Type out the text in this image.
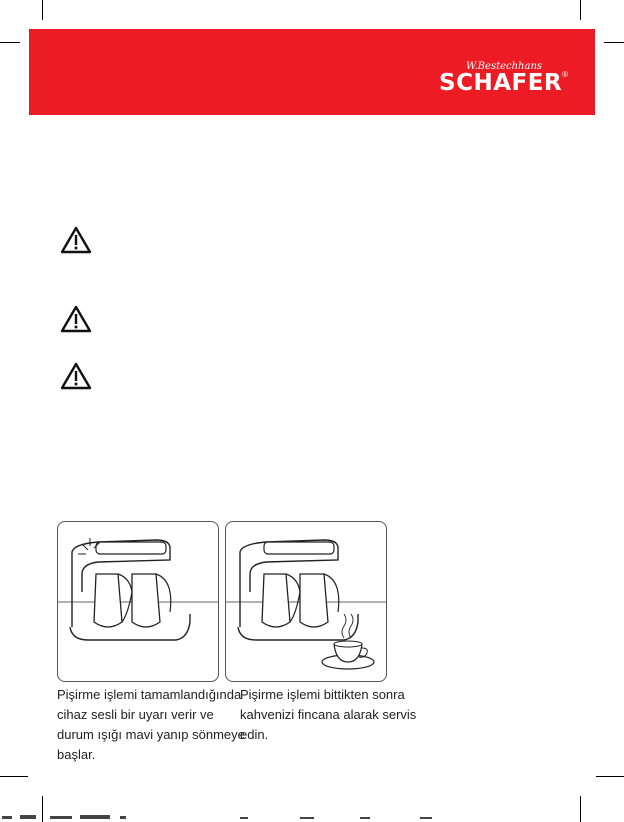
W.Bestechhans
SCHAFER®
Pişirme işlemi tamamlandığında
cihaz sesli bir uyarı verir ve
durum ışığı mavi yanıp sönmeye
başlar.
Pişirme işlemi bittikten sonra
kahvenizi fincana alarak servis
edin.
